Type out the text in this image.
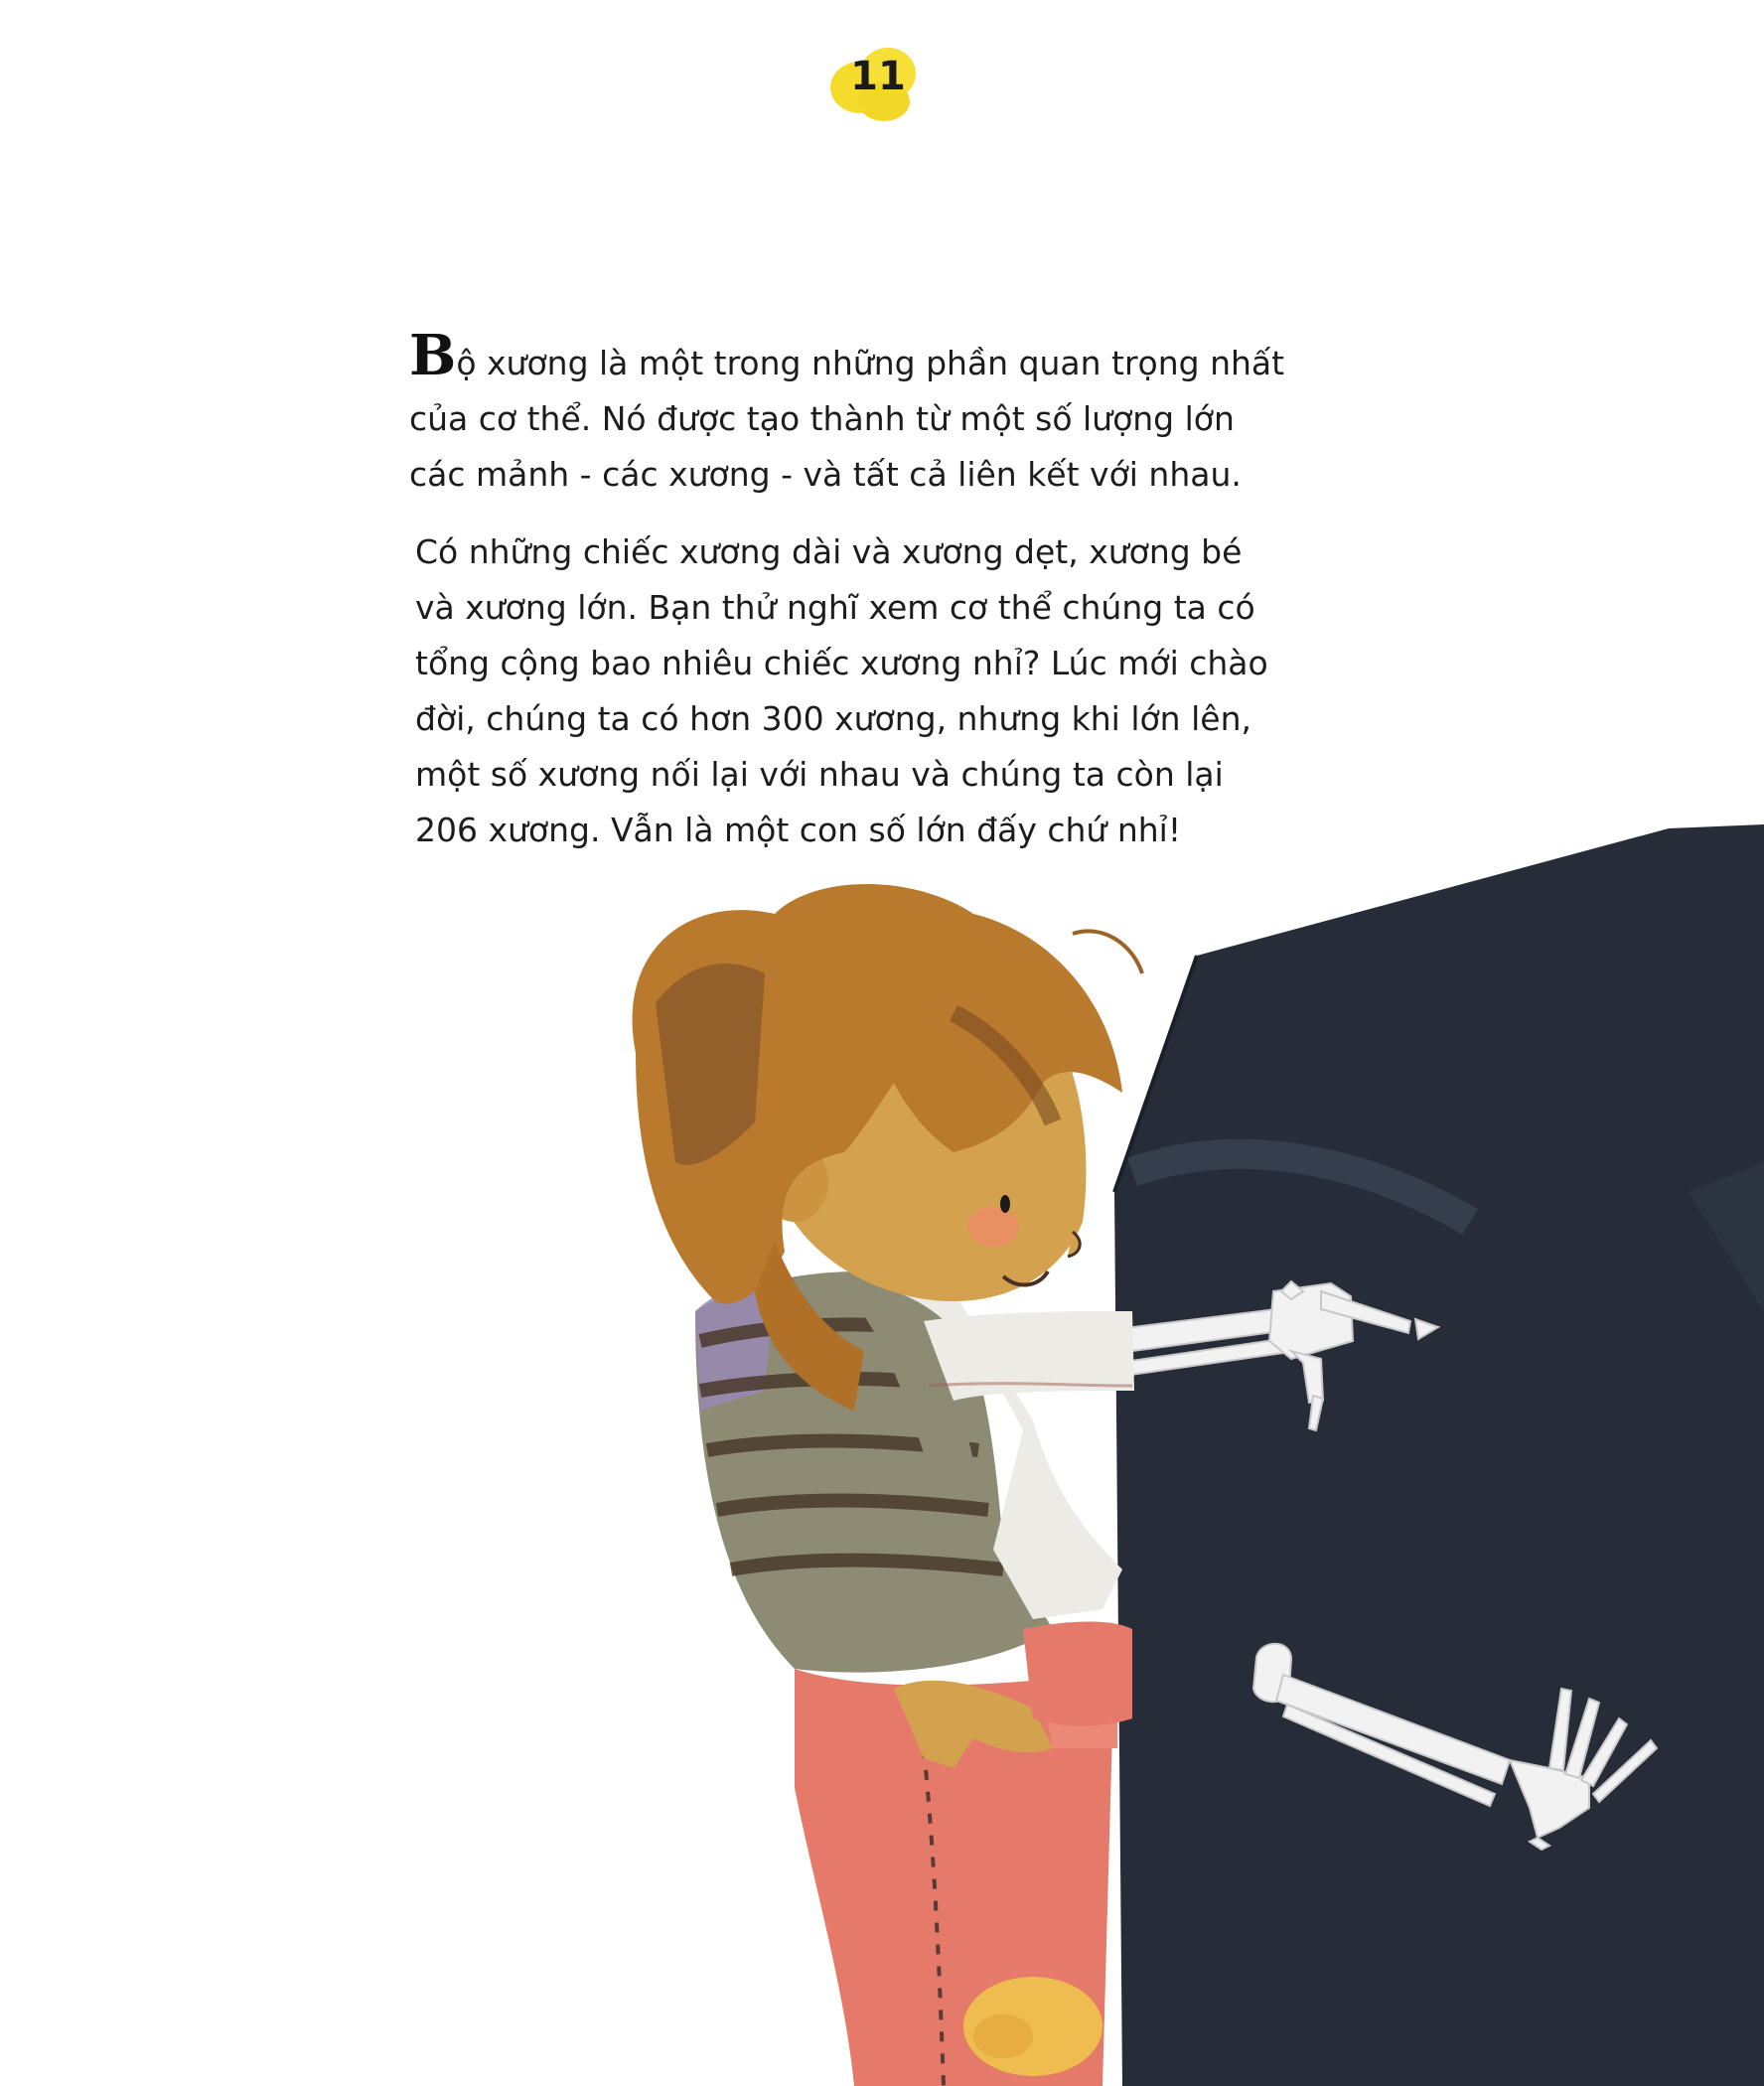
11

Bộ xương là một trong những phần quan trọng nhất
của cơ thể. Nó được tạo thành từ một số lượng lớn
các mảnh - các xương - và tất cả liên kết với nhau.

Có những chiếc xương dài và xương dẹt, xương bé
và xương lớn. Bạn thử nghĩ xem cơ thể chúng ta có
tổng cộng bao nhiêu chiếc xương nhỉ? Lúc mới chào
đời, chúng ta có hơn 300 xương, nhưng khi lớn lên,
một số xương nối lại với nhau và chúng ta còn lại
206 xương. Vẫn là một con số lớn đấy chứ nhỉ!
